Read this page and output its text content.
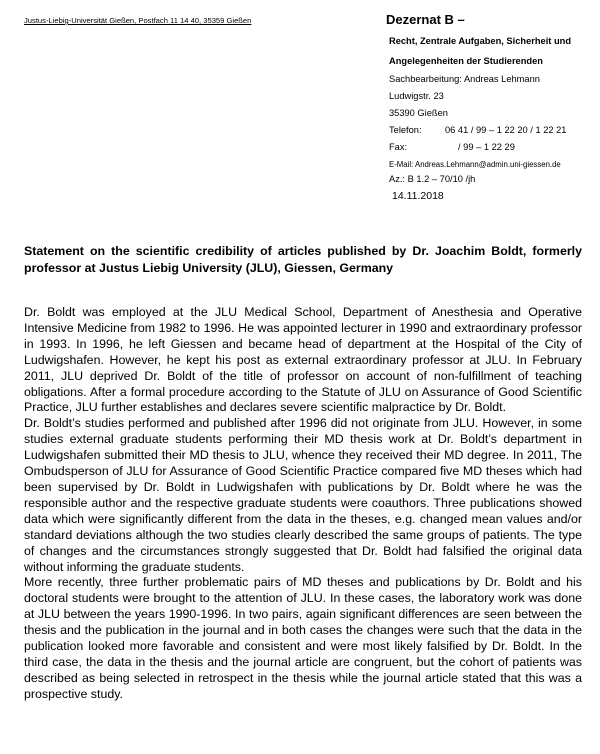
Justus-Liebig-Universität Gießen, Postfach 11 14 40, 35359 Gießen	Dezernat B –
Recht, Zentrale Aufgaben, Sicherheit und
Angelegenheiten der Studierenden
Sachbearbeitung: Andreas Lehmann
Ludwigstr. 23
35390 Gießen
Telefon:	06 41 / 99 – 1 22 20 / 1 22 21
Fax:	/ 99 – 1 22 29
E-Mail: Andreas.Lehmann@admin.uni-giessen.de
Az.: B 1.2 – 70/10 /jh
14.11.2018
Statement on the scientific credibility of articles published by Dr. Joachim Boldt, formerly professor at Justus Liebig University (JLU), Giessen, Germany

Dr. Boldt was employed at the JLU Medical School, Department of Anesthesia and Operative Intensive Medicine from 1982 to 1996. He was appointed lecturer in 1990 and extraordinary professor in 1993. In 1996, he left Giessen and became head of department at the Hospital of the City of Ludwigshafen. However, he kept his post as external extraordinary professor at JLU. In February 2011, JLU deprived Dr. Boldt of the title of professor on account of non-fulfillment of teaching obligations. After a formal procedure according to the Statute of JLU on Assurance of Good Scientific Practice, JLU further establishes and declares severe scientific malpractice by Dr. Boldt.

Dr. Boldt’s studies performed and published after 1996 did not originate from JLU. However, in some studies external graduate students performing their MD thesis work at Dr. Boldt’s department in Ludwigshafen submitted their MD thesis to JLU, whence they received their MD degree. In 2011, The Ombudsperson of JLU for Assurance of Good Scientific Practice compared five MD theses which had been supervised by Dr. Boldt in Ludwigshafen with publications by Dr. Boldt where he was the responsible author and the respective graduate students were coauthors. Three publications showed data which were significantly different from the data in the theses, e.g. changed mean values and/or standard deviations although the two studies clearly described the same groups of patients. The type of changes and the circumstances strongly suggested that Dr. Boldt had falsified the original data without informing the graduate students.

More recently, three further problematic pairs of MD theses and publications by Dr. Boldt and his doctoral students were brought to the attention of JLU. In these cases, the laboratory work was done at JLU between the years 1990-1996. In two pairs, again significant differences are seen between the thesis and the publication in the journal and in both cases the changes were such that the data in the publication looked more favorable and consistent and were most likely falsified by Dr. Boldt. In the third case, the data in the thesis and the journal article are congruent, but the cohort of patients was described as being selected in retrospect in the thesis while the journal article stated that this was a prospective study.
